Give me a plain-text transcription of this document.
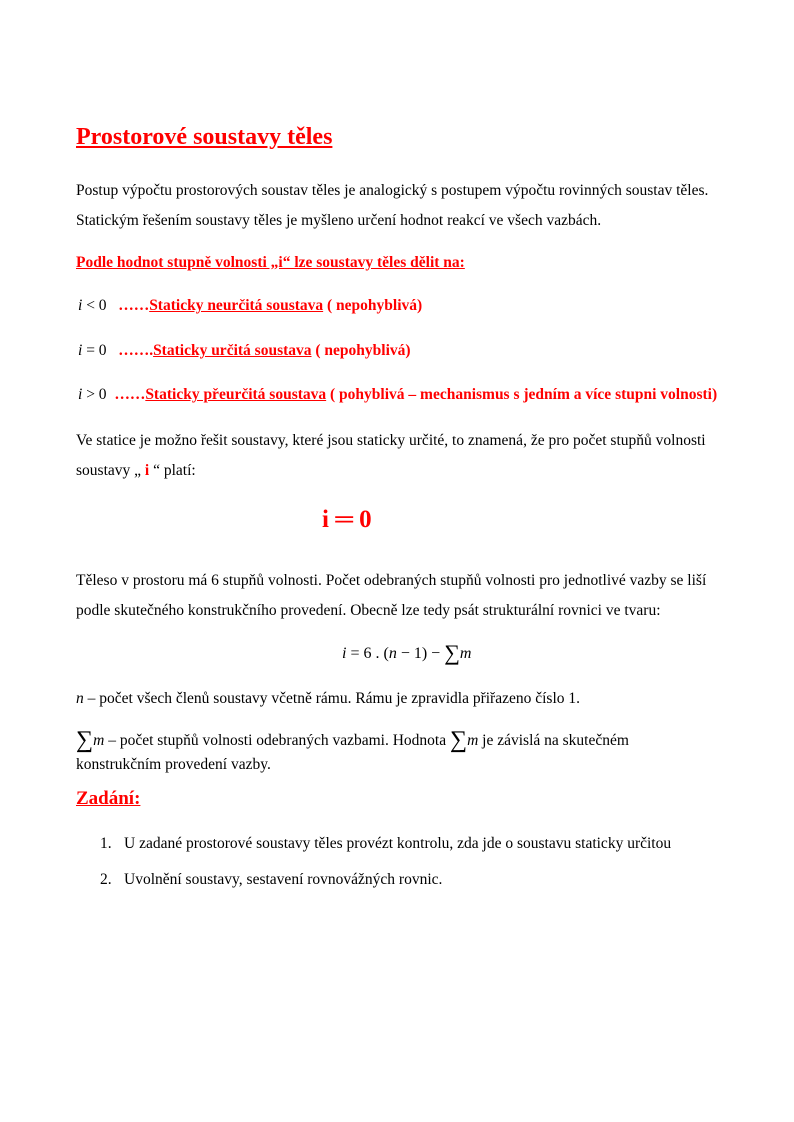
Prostorové soustavy těles
Postup výpočtu prostorových soustav těles je analogický s postupem výpočtu rovinných soustav těles.
Statickým řešením soustavy těles je myšleno určení hodnot reakcí ve všech vazbách.
Podle hodnot stupně volnosti „i“ lze soustavy těles dělit na:
i < 0 ……Staticky neurčitá soustava ( nepohyblivá)
i = 0 …….Staticky určitá soustava ( nepohyblivá)
i > 0 ……Staticky přeurčitá soustava ( pohyblivá – mechanismus s jedním a více stupni volnosti)
Ve statice je možno řešit soustavy, které jsou staticky určité, to znamená, že pro počet stupňů volnosti
soustavy „ i “ platí:
i ═ 0
Těleso v prostoru má 6 stupňů volnosti. Počet odebraných stupňů volnosti pro jednotlivé vazby se liší
podle skutečného konstrukčního provedení. Obecně lze tedy psát strukturální rovnici ve tvaru:
i = 6 . (n − 1) − ∑m
n – počet všech členů soustavy včetně rámu. Rámu je zpravidla přiřazeno číslo 1.
∑m – počet stupňů volnosti odebraných vazbami. Hodnota ∑m je závislá na skutečném
konstrukčním provedení vazby.
Zadání:
1. U zadané prostorové soustavy těles provézt kontrolu, zda jde o soustavu staticky určitou
2. Uvolnění soustavy, sestavení rovnovážných rovnic.
